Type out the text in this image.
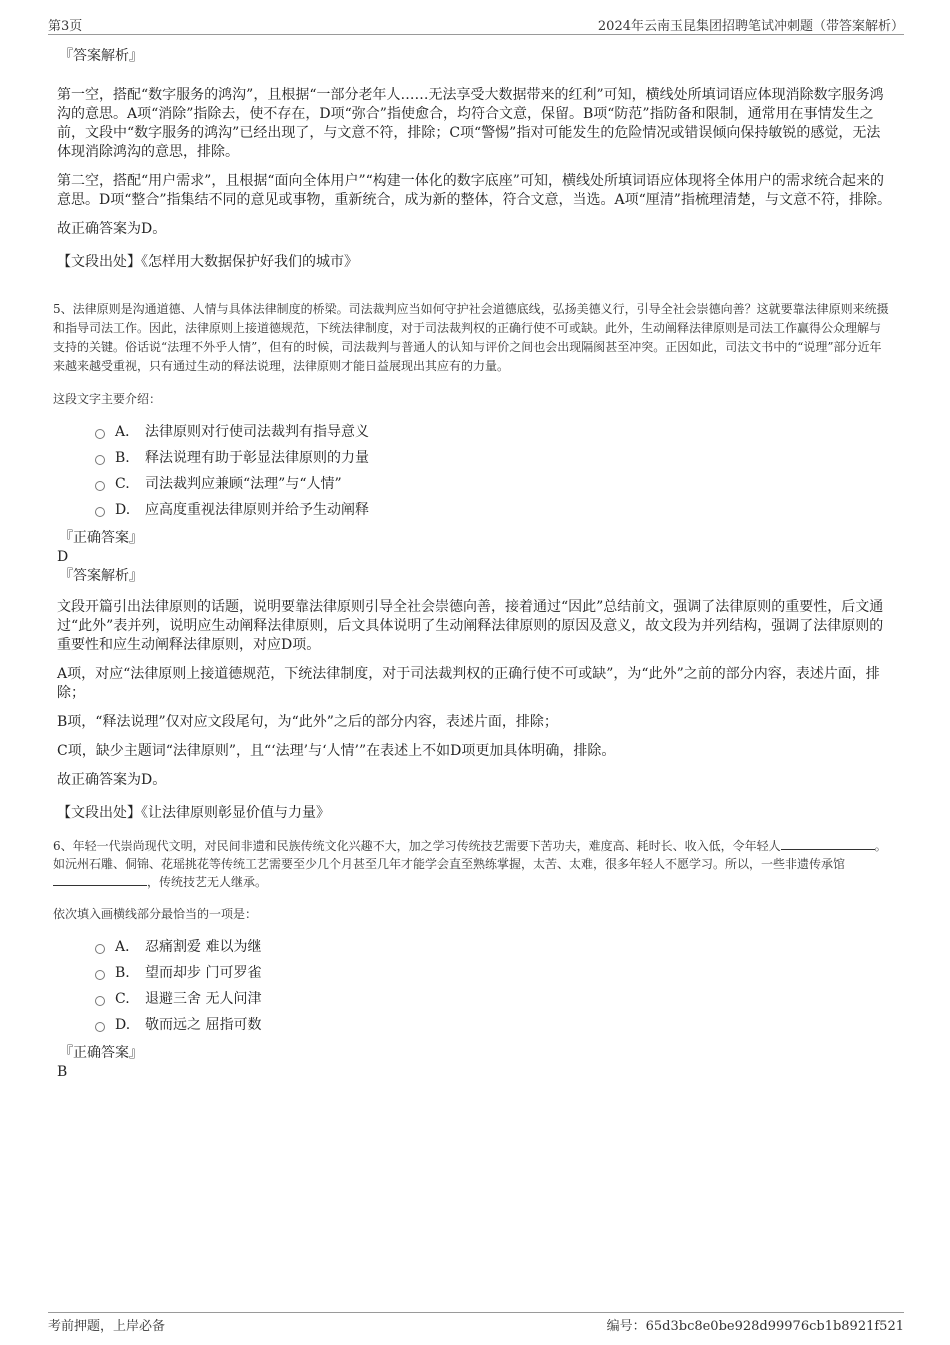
第3页	2024年云南玉昆集团招聘笔试冲刺题（带答案解析）
『答案解析』

第一空，搭配“数字服务的鸿沟”，且根据“一部分老年人……无法享受大数据带来的红利”可知，横线处所填词语应体现消除数字服务鸿沟的意思。A项“消除”指除去，使不存在，D项“弥合”指使愈合，均符合文意，保留。B项“防范”指防备和限制，通常用在事情发生之前，文段中“数字服务的鸿沟”已经出现了，与文意不符，排除；C项“警惕”指对可能发生的危险情况或错误倾向保持敏锐的感觉，无法体现消除鸿沟的意思，排除。

第二空，搭配“用户需求”，且根据“面向全体用户”“构建一体化的数字底座”可知，横线处所填词语应体现将全体用户的需求统合起来的意思。D项“整合”指集结不同的意见或事物，重新统合，成为新的整体，符合文意，当选。A项“厘清”指梳理清楚，与文意不符，排除。

故正确答案为D。

【文段出处】《怎样用大数据保护好我们的城市》
5、法律原则是沟通道德、人情与具体法律制度的桥梁。司法裁判应当如何守护社会道德底线，弘扬美德义行，引导全社会崇德向善？这就要靠法律原则来统摄和指导司法工作。因此，法律原则上接道德规范，下统法律制度，对于司法裁判权的正确行使不可或缺。此外，生动阐释法律原则是司法工作赢得公众理解与支持的关键。俗话说“法理不外乎人情”，但有的时候，司法裁判与普通人的认知与评价之间也会出现隔阂甚至冲突。正因如此，司法文书中的“说理”部分近年来越来越受重视，只有通过生动的释法说理，法律原则才能日益展现出其应有的力量。
这段文字主要介绍：
A． 法律原则对行使司法裁判有指导意义
B. 释法说理有助于彰显法律原则的力量
C. 司法裁判应兼顾“法理”与“人情”
D. 应高度重视法律原则并给予生动阐释
『正确答案』
D
『答案解析』

文段开篇引出法律原则的话题，说明要靠法律原则引导全社会崇德向善，接着通过“因此”总结前文，强调了法律原则的重要性，后文通过“此外”表并列，说明应生动阐释法律原则，后文具体说明了生动阐释法律原则的原因及意义，故文段为并列结构，强调了法律原则的重要性和应生动阐释法律原则，对应D项。

A项，对应“法律原则上接道德规范，下统法律制度，对于司法裁判权的正确行使不可或缺”，为“此外”之前的部分内容，表述片面，排除；

B项，“释法说理”仅对应文段尾句，为“此外”之后的部分内容，表述片面，排除；

C项，缺少主题词“法律原则”，且“‘法理’与‘人情’”在表述上不如D项更加具体明确，排除。

故正确答案为D。

【文段出处】《让法律原则彰显价值与力量》
6、年轻一代崇尚现代文明，对民间非遗和民族传统文化兴趣不大，加之学习传统技艺需要下苦功夫，难度高、耗时长、收入低，令年轻人	。如沅州石雕、侗锦、花瑶挑花等传统工艺需要至少几个月甚至几年才能学会直至熟练掌握，太苦、太难，很多年轻人不愿学习。所以，一些非遗传承馆，传统技艺无人继承。
依次填入画横线部分最恰当的一项是：
A． 忍痛割爱 难以为继
B. 望而却步 门可罗雀
C. 退避三舍 无人问津
D. 敬而远之 屈指可数
『正确答案』
B
考前押题，上岸必备	编号：65d3bc8e0be928d99976cb1b8921f521
